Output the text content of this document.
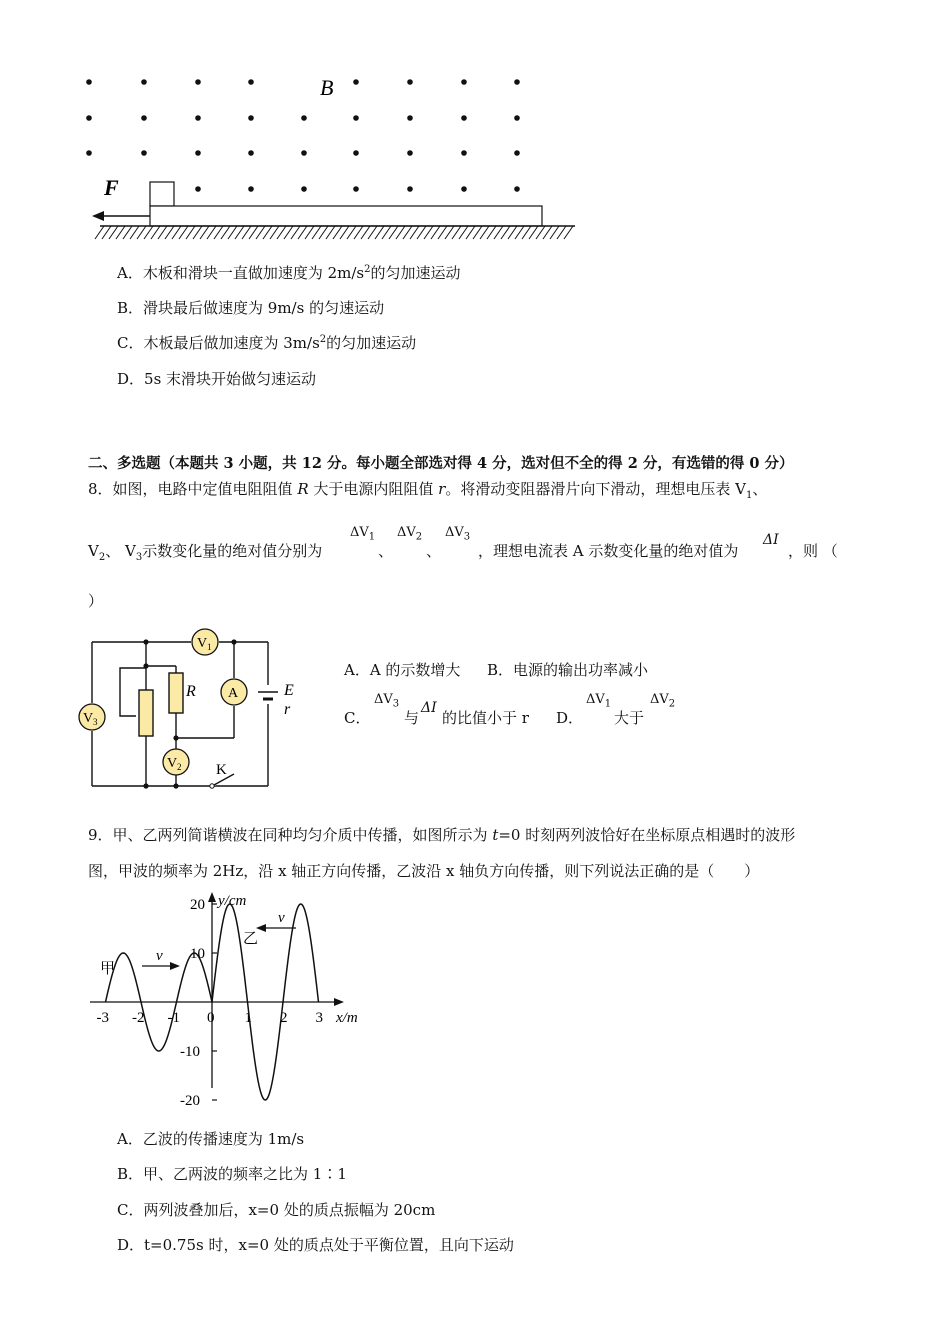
B
F
A．木板和滑块一直做加速度为 $2m/s^2$的匀加速运动
B．滑块最后做速度为 9m/s 的匀速运动
C．木板最后做加速度为 $3m/s^2$的匀加速运动
D．5s 末滑块开始做匀速运动
二、多选题（本题共 3 小题，共 12 分。每小题全部选对得 4 分，选对但不全的得 2 分，有选错的得 0 分）
8．如图，电路中定值电阻阻值 R 大于电源内阻阻值 r。将滑动变阻器滑片向下滑动，理想电压表 $V_1$、
$V_2$、 $V_3$示数变化量的绝对值分别为
$\Delta V_1$
、
$\Delta V_2$
、
$\Delta V_3$
，理想电流表 A 示数变化量的绝对值为
ΔI
，则 （
）
V 1
V 3
V 2
A
R	E
r
K
A．A 的示数增大 B．电源的输出功率减小
C．
$\Delta V_3$
与
ΔI
的比值小于 r D．
$\Delta V_1$
大于
$\Delta V_2$
9．甲、乙两列简谐横波在同种均匀介质中传播，如图所示为 t=0 时刻两列波恰好在坐标原点相遇时的波形
图，甲波的频率为 2Hz，沿 x 轴正方向传播，乙波沿 x 轴负方向传播，则下列说法正确的是（　　）
y/cm
x/m
-3 -2 -1 0 1 2 3
20
10
-10
-20
甲
乙
v
v
A．乙波的传播速度为 1m/s
B．甲、乙两波的频率之比为 1∶1
C．两列波叠加后，x=0 处的质点振幅为 20cm
D．t=0.75s 时，x=0 处的质点处于平衡位置，且向下运动
